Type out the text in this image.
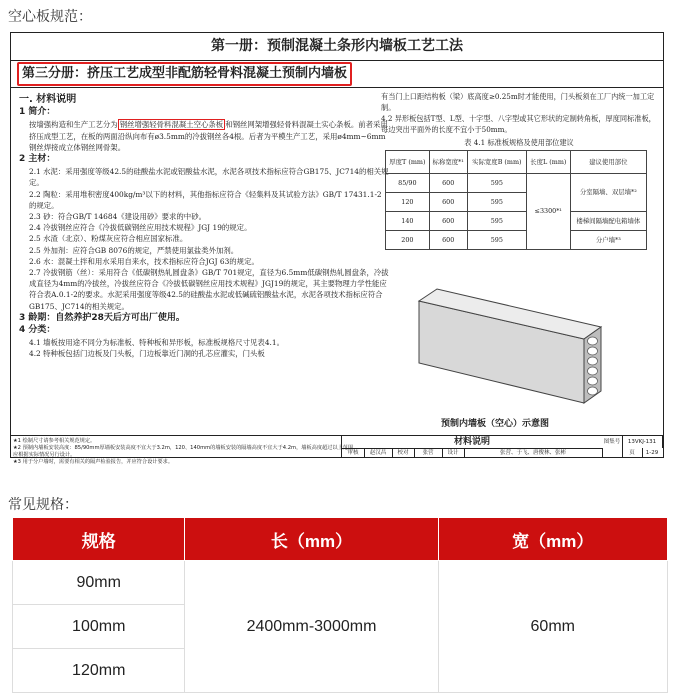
空心板规范：
第一册：预制混凝土条形内墙板工艺工法
第三分册：挤压工艺成型非配筋轻骨料混凝土预制内墙板
一. 材料说明
1 简介：

按墙强构造和生产工艺分为 钢丝增强轻骨料混凝土空心条板 和钢丝网架增强轻骨料混凝土实心条板。前者采用挤压成型工艺，在板的两面沿纵向布有ø3.5mm的冷拔钢丝各4根。后者为平模生产工艺，采用ø4mm~6mm钢丝焊接成立体钢丝网骨架。

2 主材：

2.1 水泥：采用强度等级42.5的硅酸盐水泥或铝酸盐水泥，水泥各项技术指标应符合GB175、JC714的相关规定。

2.2 陶粒：采用堆积密度400kg/m³以下的材料，其他指标应符合《轻集料及其试验方法》GB/T 17431.1-2的规定。

2.3 砂：符合GB/T 14684《建设用砂》要求的中砂。

2.4 冷拔钢丝应符合《冷拔低碳钢丝应用技术规程》JGJ 19的规定。

2.5 水渣（北京）、粉煤灰应符合相应国家标准。

2.5 外加剂：应符合GB 8076的规定，严禁使用氯盐类外加剂。

2.6 水：混凝土拌和用水采用自来水，技术指标应符合JGJ 63的规定。

2.7 冷拔钢筋（丝）：采用符合《低碳钢热轧圆盘条》GB/T 701规定，直径为6.5mm低碳钢热轧圆盘条，冷拔成直径为4mm的冷拔丝，冷拔丝应符合《冷拔低碳钢丝应用技术规程》JGJ19的规定，其主要物理力学性能应符合表A.0.1-2的要求。水泥采用强度等级42.5的硅酸盐水泥或低碱硫铝酸盐水泥，水泥各项技术指标应符合GB175、JC714的相关规定。

3 龄期：自然养护28天后方可出厂使用。
4 分类：

4.1 墙板按用途不同分为标准板、特种板和异形板，标准板规格尺寸见表4.1。

4.2 特种板包括门边板及门头板，门边板靠近门洞的孔芯应灌实，门头板

有当门上口距结构板（梁）底高度≥0.25m时才能使用，门头板须在工厂内统一加工定制。

4.2 异形板包括T型、L型、十字型、八字型或其它形状的定制转角板，厚度同标准板，每边突出平面外的长度不宜小于50mm。

表 4.1 标准板规格及使用部位建议
厚度T (mm)	标称宽度*¹	实际宽度B (mm)	长度L (mm)	建议使用部位
85/90	600	595	≤3300*¹	分室隔墙、双层墙*²
120	600	595		
140	600	595		楼梯间隔墙配电箱墙体
200	600	595		分户墙*³
预制内墙板（空心）示意图
★1 绘制尺寸请参考相关规范规定。
★2 预制内墙板安装高度：85/90mm厚墙板安装高度不宜大于3.2m，120、140mm的墙板安装的隔墙高度不宜大于4.2m，墙板高度超过以上范围，应根据实际情况另行设计。
★3 用于分户墙时，需要有相关的隔声检验报告，并应符合设计要求。
材料说明
审核	赵汉昌	校对	张营	设计	张营、于飞、唐俊林、张彬
图集号	13VKJ-131
页	1-29
常见规格：
规格	长（mm）	宽（mm）
90mm	2400mm-3000mm	60mm
100mm		
120mm		
